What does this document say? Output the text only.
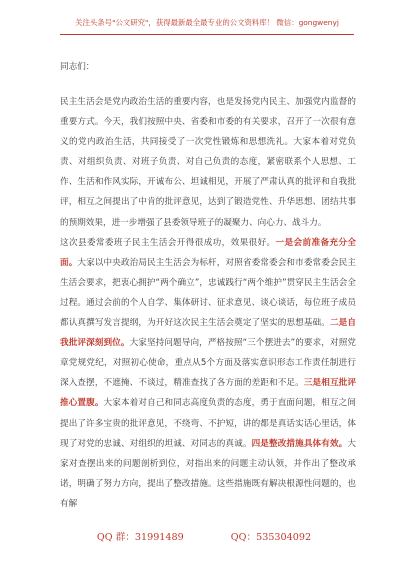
关注头条号"公文研究"，获得最新最全最专业的公文资料库！ 微信：gongwenyj
同志们：

民主生活会是党内政治生活的重要内容，也是发扬党内民主、加强党内监督的重要方式。今天，我们按照中央、省委和市委的有关要求，召开了一次很有意义的党内政治生活，共同接受了一次党性锻炼和思想洗礼。大家本着对党负责、对组织负责、对班子负责、对自己负责的态度，紧密联系个人思想、工作、生活和作风实际，开诚布公、坦诚相见，开展了严肃认真的批评和自我批评，相互之间提出了中肯的批评意见，达到了锻造党性、升华思想、团结共事的预期效果，进一步增强了县委领导班子的凝聚力、向心力、战斗力。

这次县委常委班子民主生活会开得很成功，效果很好。一是会前准备充分全面。大家以中央政治局民主生活会为标杆，对照省委常委会和市委常委会民主生活会要求，把衷心拥护“两个确立”，忠诚践行“两个维护”贯穿民主生活会全过程。通过会前的个人自学、集体研讨、征求意见、谈心谈话，每位班子成员都认真撰写发言提纲，为开好这次民主生活会奠定了坚实的思想基础。二是自我批评深刻到位。大家坚持问题导向，严格按照“三个摆进去”的要求，对照党章党规党纪，对照初心使命，重点从5个方面及落实意识形态工作责任制进行深入查摆，不遮掩、不谈过，精准查找了各方面的差距和不足。三是相互批评推心置腹。大家本着对自己和同志高度负责的态度，勇于直面问题，相互之间提出了许多宝贵的批评意见，不绕弯、不护短，讲的都是真话实话心里话，体现了对党的忠诚、对组织的坦诚、对同志的真诚。四是整改措施具体有效。大家对查摆出来的问题剖析到位，对指出来的问题主动认领，并作出了整改承诺，明确了努力方向，提出了整改措施。这些措施既有解决根源性问题的，也有解

QQ 群：31991489	QQ：535304092
